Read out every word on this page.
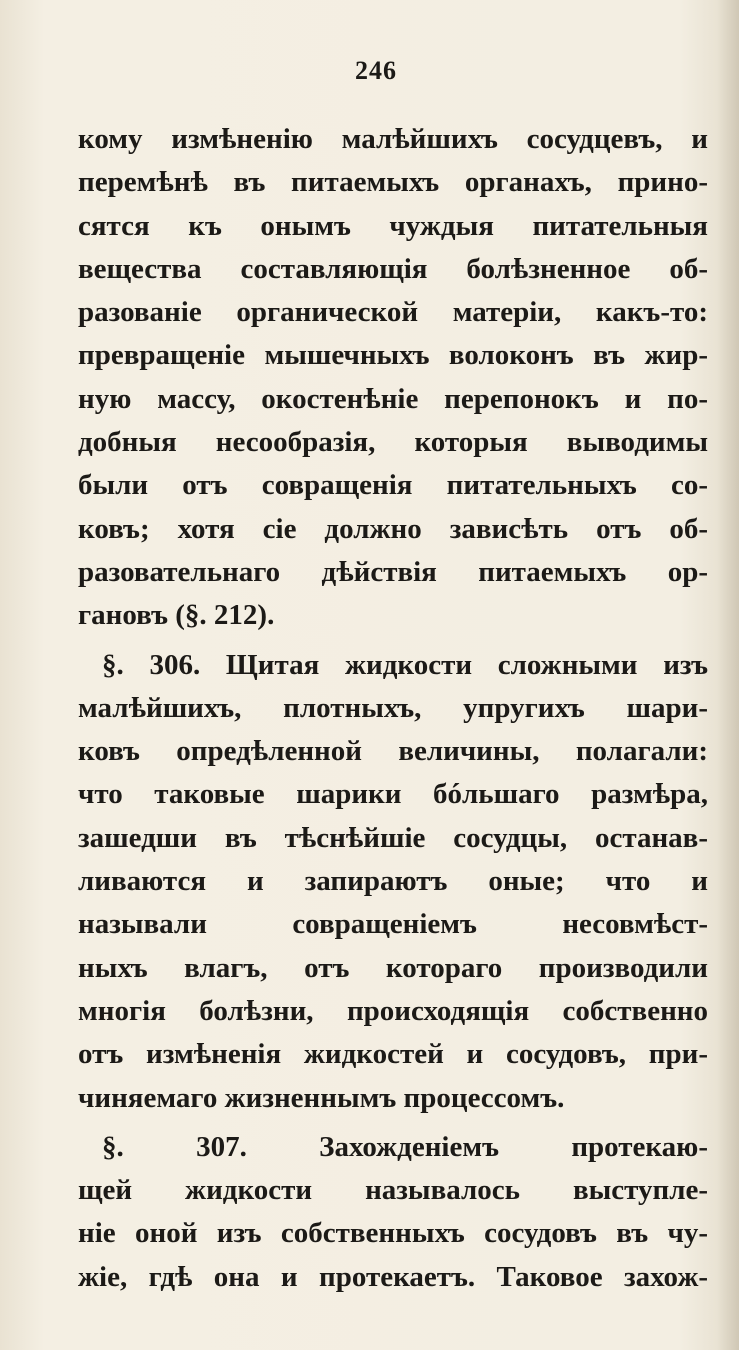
246
кому измѣненію малѣйшихъ сосудцевъ, и
перемѣнѣ въ питаемыхъ органахъ, прино-
сятся къ онымъ чуждыя питательныя
вещества составляющія болѣзненное об-
разованіе органической матеріи, какъ-то:
превращеніе мышечныхъ волоконъ въ жир-
ную массу, окостенѣніе перепонокъ и по-
добныя несообразія, которыя выводимы
были отъ совращенія питательныхъ со-
ковъ; хотя сіе должно зависѣть отъ об-
разовательнаго дѣйствія питаемыхъ ор-
гановъ (§. 212).
§. 306. Щитая жидкости сложными изъ
малѣйшихъ, плотныхъ, упругихъ шари-
ковъ опредѣленной величины, полагали:
что таковые шарики бóльшаго размѣра,
зашедши въ тѣснѣйшіе сосудцы, останав-
ливаются и запираютъ оные; что и
называли совращеніемъ несовмѣст-
ныхъ влагъ, отъ котораго производили
многія болѣзни, происходящія собственно
отъ измѣненія жидкостей и сосудовъ, при-
чиняемаго жизненнымъ процессомъ.
§. 307. Захожденіемъ протекаю-
щей жидкости называлось выступле-
ніе оной изъ собственныхъ сосудовъ въ чу-
жіе, гдѣ она и протекаетъ. Таковое захож-
